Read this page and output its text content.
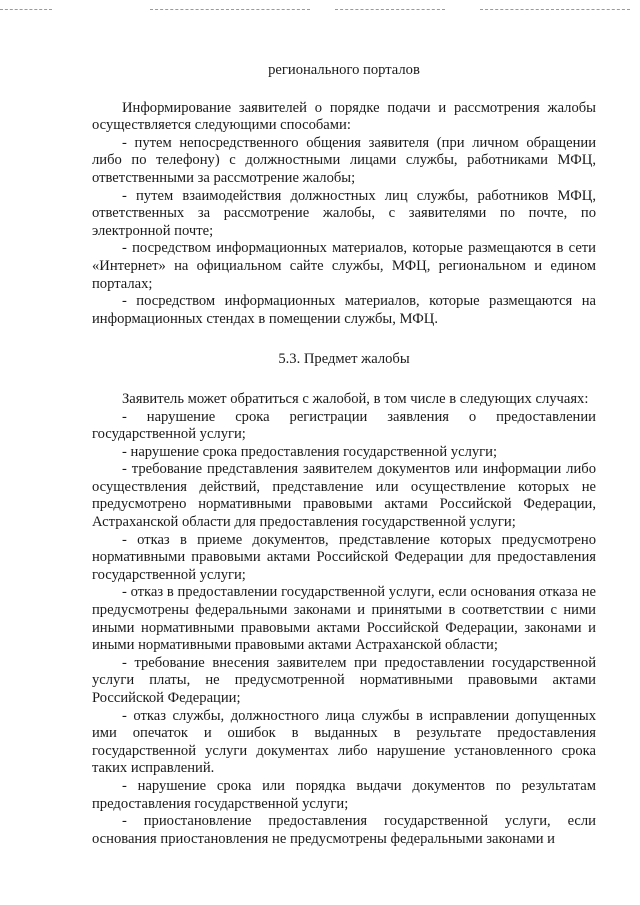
регионального порталов

Информирование заявителей о порядке подачи и рассмотрения жалобы осуществляется следующими способами:

- путем непосредственного общения заявителя (при личном обращении либо по телефону) с должностными лицами службы, работниками МФЦ, ответственными за рассмотрение жалобы;

- путем взаимодействия должностных лиц службы, работников МФЦ, ответственных за рассмотрение жалобы, с заявителями по почте, по электронной почте;

- посредством информационных материалов, которые размещаются в сети «Интернет» на официальном сайте службы, МФЦ, региональном и едином порталах;

- посредством информационных материалов, которые размещаются на информационных стендах в помещении службы, МФЦ.

5.3. Предмет жалобы

Заявитель может обратиться с жалобой, в том числе в следующих случаях:

- нарушение срока регистрации заявления о предоставлении государственной услуги;

- нарушение срока предоставления государственной услуги;

- требование представления заявителем документов или информации либо осуществления действий, представление или осуществление которых не предусмотрено нормативными правовыми актами Российской Федерации, Астраханской области для предоставления государственной услуги;

- отказ в приеме документов, представление которых предусмотрено нормативными правовыми актами Российской Федерации для предоставления государственной услуги;

- отказ в предоставлении государственной услуги, если основания отказа не предусмотрены федеральными законами и принятыми в соответствии с ними иными нормативными правовыми актами Российской Федерации, законами и иными нормативными правовыми актами Астраханской области;

- требование внесения заявителем при предоставлении государственной услуги платы, не предусмотренной нормативными правовыми актами Российской Федерации;

- отказ службы, должностного лица службы в исправлении допущенных ими опечаток и ошибок в выданных в результате предоставления государственной услуги документах либо нарушение установленного срока таких исправлений.

- нарушение срока или порядка выдачи документов по результатам предоставления государственной услуги;

- приостановление предоставления государственной услуги, если основания приостановления не предусмотрены федеральными законами и
